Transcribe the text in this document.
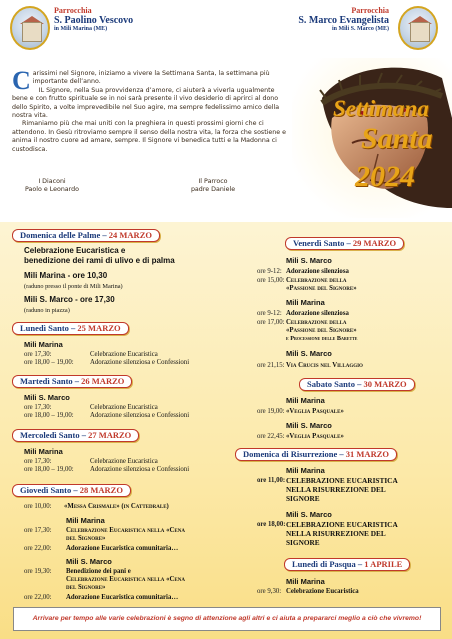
Parrocchia
S. Paolino Vescovo
in Mili Marina (ME)
Parrocchia
S. Marco Evangelista
in Mili S. Marco (ME)
C arissimi nel Signore, iniziamo a vivere la Settimana Santa, la settimana più importante dell’anno.
IL Signore, nella Sua provvidenza d’amore, ci aiuterà a viverla ugualmente bene e con frutto spirituale se in noi sarà presente il vivo desiderio di aprirci al dono dello Spirito, a volte imprevedibile nel Suo agire, ma sempre fedelissimo amico della nostra vita.
Rimaniamo più che mai uniti con la preghiera in questi prossimi giorni che ci attendono. In Gesù ritroviamo sempre il senso della nostra vita, la forza che sostiene e anima il nostro cuore ad amare, sempre. Il Signore vi benedica tutti e la Madonna ci custodisca.
I Diaconi
Paolo e Leonardo
Il Parroco
padre Daniele
Settimana
Santa
2024
Domenica delle Palme – 24 MARZO
Celebrazione Eucaristica e
benedizione dei rami di ulivo e di palma
Mili Marina - ore 10,30
(raduno presso il ponte di Mili Marina)
Mili S. Marco - ore 17,30
(raduno in piazza)
Lunedì Santo – 25 MARZO
Mili Marina
ore 17,30:	Celebrazione Eucaristica
ore 18,00 – 19,00: Adorazione silenziosa e Confessioni
Martedì Santo – 26 MARZO
Mili S. Marco
ore 17,30:	Celebrazione Eucaristica
ore 18,00 – 19,00: Adorazione silenziosa e Confessioni
Mercoledì Santo – 27 MARZO
Mili Marina
ore 17,30:	Celebrazione Eucaristica
ore 18,00 – 19,00: Adorazione silenziosa e Confessioni
Giovedì Santo – 28 MARZO
ore 10,00: «Messa Crismale» (in Cattedrale)
Mili Marina
ore 17,30: Celebrazione Eucaristica nella «Cena
del Signore»
ore 22,00: Adorazione Eucaristica comunitaria…
Mili S. Marco
ore 19,30: Benedizione dei pani e
Celebrazione Eucaristica nella «Cena
del Signore»
ore 22,00: Adorazione Eucaristica comunitaria…
Venerdì Santo – 29 MARZO
Mili S. Marco
ore 9-12: Adorazione silenziosa
ore 15,00: Celebrazione della
«Passione del Signore»
Mili Marina
ore 9-12: Adorazione silenziosa
ore 17,00: Celebrazione della
«Passione del Signore»
e Processione delle Barette
Mili S. Marco
ore 21,15: Via Crucis nel Villaggio
Sabato Santo – 30 MARZO
Mili Marina
ore 19,00: «Veglia Pasquale»
Mili S. Marco
ore 22,45: «Veglia Pasquale»
Domenica di Risurrezione – 31 MARZO
Mili Marina
ore 11,00: CELEBRAZIONE EUCARISTICA
NELLA RISURREZIONE DEL
SIGNORE
Mili S. Marco
ore 18,00: CELEBRAZIONE EUCARISTICA
NELLA RISURREZIONE DEL
SIGNORE
Lunedì di Pasqua – 1 APRILE
Mili Marina
ore 9,30: Celebrazione Eucaristica
Arrivare per tempo alle varie celebrazioni è segno di attenzione agli altri e ci aiuta a prepararci meglio a ciò che vivremo!
